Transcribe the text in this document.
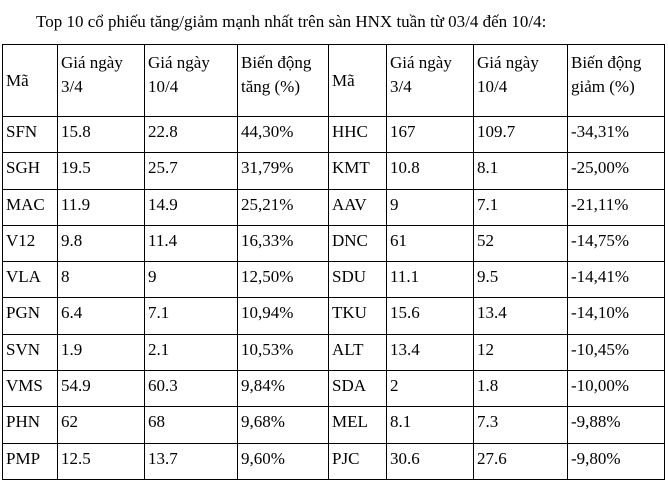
Top 10 cổ phiếu tăng/giảm mạnh nhất trên sàn HNX tuần từ 03/4 đến 10/4:
Mã	Giá ngày 3/4	Giá ngày 10/4	Biến động tăng (%)	Mã	Giá ngày 3/4	Giá ngày 10/4	Biến động giảm (%)
SFN	15.8	22.8	44,30%	HHC	167	109.7	-34,31%
SGH	19.5	25.7	31,79%	KMT	10.8	8.1	-25,00%
MAC	11.9	14.9	25,21%	AAV	9	7.1	-21,11%
V12	9.8	11.4	16,33%	DNC	61	52	-14,75%
VLA	8	9	12,50%	SDU	11.1	9.5	-14,41%
PGN	6.4	7.1	10,94%	TKU	15.6	13.4	-14,10%
SVN	1.9	2.1	10,53%	ALT	13.4	12	-10,45%
VMS	54.9	60.3	9,84%	SDA	2	1.8	-10,00%
PHN	62	68	9,68%	MEL	8.1	7.3	-9,88%
PMP	12.5	13.7	9,60%	PJC	30.6	27.6	-9,80%
